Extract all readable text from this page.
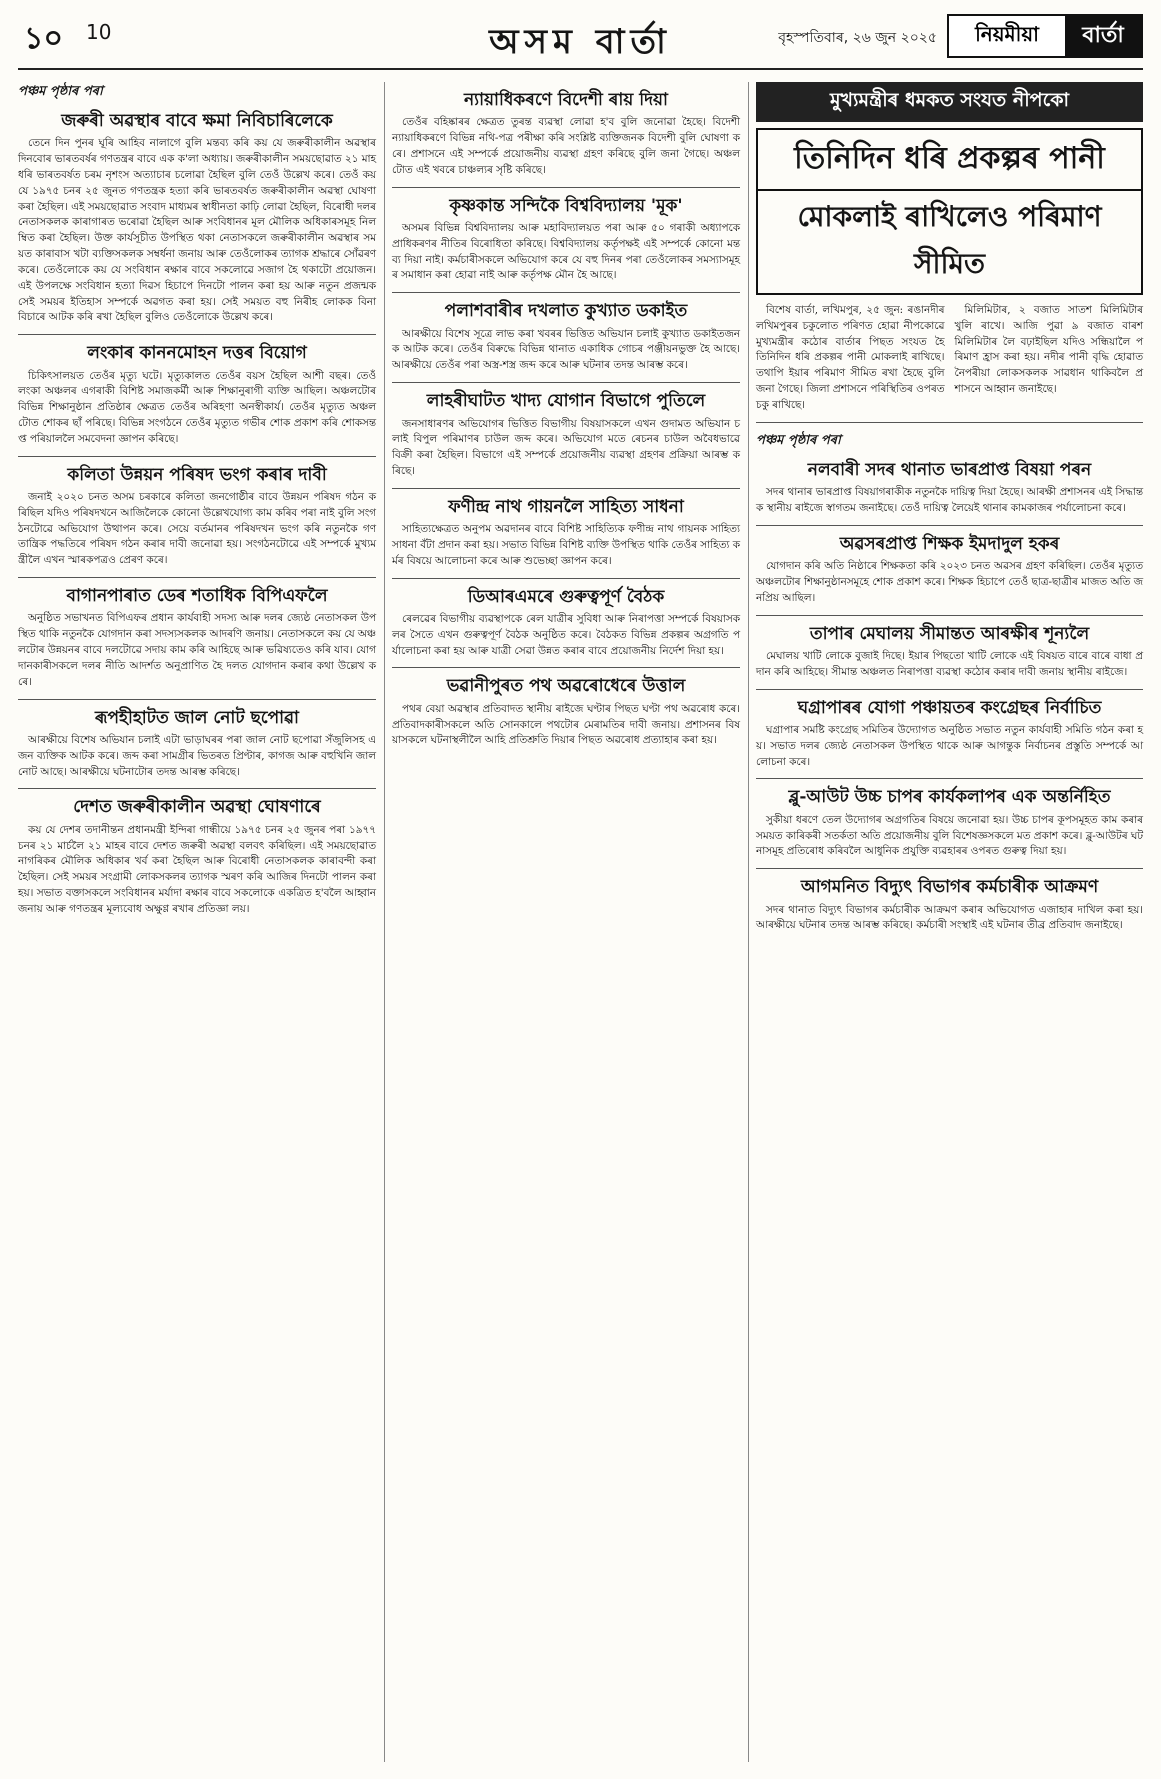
১০ 10	অসম বাৰ্তা	বৃহস্পতিবাৰ, ২৬ জুন ২০২৫	নিয়মীয়া	বাৰ্তা
পঞ্চম পৃষ্ঠাৰ পৰা
জৰুৰী অৱস্থাৰ বাবে ক্ষমা নিবিচাৰিলেকে

তেনে দিন পুনৰ ঘূৰি আহিব নালাগে বুলি মন্তব্য কৰি কয় যে জৰুৰীকালীন অৱস্থাৰ দিনবোৰ ভাৰতবৰ্ষৰ গণতন্ত্ৰৰ বাবে এক ক'লা অধ্যায়। জৰুৰীকালীন সময়ছোৱাত ২১ মাহ ধৰি ভাৰতবৰ্ষত চৰম নৃশংস অত্যাচাৰ চলোৱা হৈছিল বুলি তেওঁ উল্লেখ কৰে। তেওঁ কয় যে ১৯৭৫ চনৰ ২৫ জুনত গণতন্ত্ৰক হত্যা কৰি ভাৰতবৰ্ষত জৰুৰীকালীন অৱস্থা ঘোষণা কৰা হৈছিল। এই সময়ছোৱাত সংবাদ মাধ্যমৰ স্বাধীনতা কাঢ়ি লোৱা হৈছিল, বিৰোধী দলৰ নেতাসকলক কাৰাগাৰত ভৰোৱা হৈছিল আৰু সংবিধানৰ মূল মৌলিক অধিকাৰসমূহ নিলম্বিত কৰা হৈছিল। উক্ত কাৰ্যসূচীত উপস্থিত থকা নেতাসকলে জৰুৰীকালীন অৱস্থাৰ সময়ত কাৰাবাস খটা ব্যক্তিসকলক সম্বৰ্ধনা জনায় আৰু তেওঁলোকৰ ত্যাগক শ্ৰদ্ধাৰে সোঁৱৰণ কৰে। তেওঁলোকে কয় যে সংবিধান ৰক্ষাৰ বাবে সকলোৱে সজাগ হৈ থকাটো প্ৰয়োজন। এই উপলক্ষে সংবিধান হত্যা দিৱস হিচাপে দিনটো পালন কৰা হয় আৰু নতুন প্ৰজন্মক সেই সময়ৰ ইতিহাস সম্পৰ্কে অৱগত কৰা হয়। সেই সময়ত বহু নিৰীহ লোকক বিনা বিচাৰে আটক কৰি ৰখা হৈছিল বুলিও তেওঁলোকে উল্লেখ কৰে।

লংকাৰ কাননমোহন দত্তৰ বিয়োগ

চিকিৎসালয়ত তেওঁৰ মৃত্যু ঘটে। মৃত্যুকালত তেওঁৰ বয়স হৈছিল আশী বছৰ। তেওঁ লংকা অঞ্চলৰ এগৰাকী বিশিষ্ট সমাজকৰ্মী আৰু শিক্ষানুৰাগী ব্যক্তি আছিল। অঞ্চলটোৰ বিভিন্ন শিক্ষানুষ্ঠান প্ৰতিষ্ঠাৰ ক্ষেত্ৰত তেওঁৰ অৰিহণা অনস্বীকাৰ্য। তেওঁৰ মৃত্যুত অঞ্চলটোত শোকৰ ছাঁ পৰিছে। বিভিন্ন সংগঠনে তেওঁৰ মৃত্যুত গভীৰ শোক প্ৰকাশ কৰি শোকসন্তপ্ত পৰিয়াললৈ সমবেদনা জ্ঞাপন কৰিছে।

কলিতা উন্নয়ন পৰিষদ ভংগ কৰাৰ দাবী

জনাই ২০২০ চনত অসম চৰকাৰে কলিতা জনগোষ্ঠীৰ বাবে উন্নয়ন পৰিষদ গঠন কৰিছিল যদিও পৰিষদখনে আজিলৈকে কোনো উল্লেখযোগ্য কাম কৰিব পৰা নাই বুলি সংগঠনটোৱে অভিযোগ উত্থাপন কৰে। সেয়ে বৰ্তমানৰ পৰিষদখন ভংগ কৰি নতুনকৈ গণতান্ত্ৰিক পদ্ধতিৰে পৰিষদ গঠন কৰাৰ দাবী জনোৱা হয়। সংগঠনটোৱে এই সম্পৰ্কে মুখ্যমন্ত্ৰীলৈ এখন স্মাৰকপত্ৰও প্ৰেৰণ কৰে।

বাগানপাৰাত ডেৰ শতাধিক বিপিএফলৈ

অনুষ্ঠিত সভাখনত বিপিএফৰ প্ৰধান কাৰ্যবাহী সদস্য আৰু দলৰ জ্যেষ্ঠ নেতাসকল উপস্থিত থাকি নতুনকৈ যোগদান কৰা সদস্যসকলক আদৰণি জনায়। নেতাসকলে কয় যে অঞ্চলটোৰ উন্নয়নৰ বাবে দলটোৱে সদায় কাম কৰি আহিছে আৰু ভৱিষ্যতেও কৰি যাব। যোগদানকাৰীসকলে দলৰ নীতি আদৰ্শত অনুপ্ৰাণিত হৈ দলত যোগদান কৰাৰ কথা উল্লেখ কৰে।

ৰূপহীহাটত জাল নোট ছপোৱা

আৰক্ষীয়ে বিশেষ অভিযান চলাই এটা ভাড়াঘৰৰ পৰা জাল নোট ছপোৱা সঁজুলিসহ এজন ব্যক্তিক আটক কৰে। জব্দ কৰা সামগ্ৰীৰ ভিতৰত প্ৰিণ্টাৰ, কাগজ আৰু বহুখিনি জাল নোট আছে। আৰক্ষীয়ে ঘটনাটোৰ তদন্ত আৰম্ভ কৰিছে।

দেশত জৰুৰীকালীন অৱস্থা ঘোষণাৰে

কয় যে দেশৰ তদানীন্তন প্ৰধানমন্ত্ৰী ইন্দিৰা গান্ধীয়ে ১৯৭৫ চনৰ ২৫ জুনৰ পৰা ১৯৭৭ চনৰ ২১ মাৰ্চলৈ ২১ মাহৰ বাবে দেশত জৰুৰী অৱস্থা বলবৎ কৰিছিল। এই সময়ছোৱাত নাগৰিকৰ মৌলিক অধিকাৰ খৰ্ব কৰা হৈছিল আৰু বিৰোধী নেতাসকলক কাৰাবন্দী কৰা হৈছিল। সেই সময়ৰ সংগ্ৰামী লোকসকলৰ ত্যাগক স্মৰণ কৰি আজিৰ দিনটো পালন কৰা হয়। সভাত বক্তাসকলে সংবিধানৰ মৰ্যাদা ৰক্ষাৰ বাবে সকলোকে একত্ৰিত হ'বলৈ আহ্বান জনায় আৰু গণতন্ত্ৰৰ মূল্যবোধ অক্ষুণ্ণ ৰখাৰ প্ৰতিজ্ঞা লয়।

ন্যায়াধিকৰণে বিদেশী ৰায় দিয়া

তেওঁৰ বহিষ্কাৰৰ ক্ষেত্ৰত তুৰন্ত ব্যৱস্থা লোৱা হ'ব বুলি জনোৱা হৈছে। বিদেশী ন্যায়াধিকৰণে বিভিন্ন নথি-পত্ৰ পৰীক্ষা কৰি সংশ্লিষ্ট ব্যক্তিজনক বিদেশী বুলি ঘোষণা কৰে। প্ৰশাসনে এই সম্পৰ্কে প্ৰয়োজনীয় ব্যৱস্থা গ্ৰহণ কৰিছে বুলি জনা গৈছে। অঞ্চলটোত এই খবৰে চাঞ্চল্যৰ সৃষ্টি কৰিছে।

কৃষ্ণকান্ত সন্দিকৈ বিশ্ববিদ্যালয় 'মূক'

অসমৰ বিভিন্ন বিশ্ববিদ্যালয় আৰু মহাবিদ্যালয়ত পৰা আৰু ৫০ গৰাকী অধ্যাপকে প্ৰাধিকৰণৰ নীতিৰ বিৰোধিতা কৰিছে। বিশ্ববিদ্যালয় কৰ্তৃপক্ষই এই সম্পৰ্কে কোনো মন্তব্য দিয়া নাই। কৰ্মচাৰীসকলে অভিযোগ কৰে যে বহু দিনৰ পৰা তেওঁলোকৰ সমস্যাসমূহৰ সমাধান কৰা হোৱা নাই আৰু কৰ্তৃপক্ষ মৌন হৈ আছে।

পলাশবাৰীৰ দখলাত কুখ্যাত ডকাইত

আৰক্ষীয়ে বিশেষ সূত্ৰে লাভ কৰা খবৰৰ ভিত্তিত অভিযান চলাই কুখ্যাত ডকাইতজনক আটক কৰে। তেওঁৰ বিৰুদ্ধে বিভিন্ন থানাত একাধিক গোচৰ পঞ্জীয়নভুক্ত হৈ আছে। আৰক্ষীয়ে তেওঁৰ পৰা অস্ত্ৰ-শস্ত্ৰ জব্দ কৰে আৰু ঘটনাৰ তদন্ত আৰম্ভ কৰে।

লাহৰীঘাটত খাদ্য যোগান বিভাগে পুতিলে

জনসাধাৰণৰ অভিযোগৰ ভিত্তিত বিভাগীয় বিষয়াসকলে এখন গুদামত অভিযান চলাই বিপুল পৰিমাণৰ চাউল জব্দ কৰে। অভিযোগ মতে ৰেচনৰ চাউল অবৈধভাৱে বিক্ৰী কৰা হৈছিল। বিভাগে এই সম্পৰ্কে প্ৰয়োজনীয় ব্যৱস্থা গ্ৰহণৰ প্ৰক্ৰিয়া আৰম্ভ কৰিছে।

ফণীন্দ্ৰ নাথ গায়নলৈ সাহিত্য সাধনা

সাহিত্যক্ষেত্ৰত অনুপম অৱদানৰ বাবে বিশিষ্ট সাহিত্যিক ফণীন্দ্ৰ নাথ গায়নক সাহিত্য সাধনা বঁটা প্ৰদান কৰা হয়। সভাত বিভিন্ন বিশিষ্ট ব্যক্তি উপস্থিত থাকি তেওঁৰ সাহিত্য কৰ্মৰ বিষয়ে আলোচনা কৰে আৰু শুভেচ্ছা জ্ঞাপন কৰে।

ডিআৰএমৰে গুৰুত্বপূৰ্ণ বৈঠক

ৰেলৱেৰ বিভাগীয় ব্যৱস্থাপকে ৰেল যাত্ৰীৰ সুবিধা আৰু নিৰাপত্তা সম্পৰ্কে বিষয়াসকলৰ সৈতে এখন গুৰুত্বপূৰ্ণ বৈঠক অনুষ্ঠিত কৰে। বৈঠকত বিভিন্ন প্ৰকল্পৰ অগ্ৰগতি পৰ্যালোচনা কৰা হয় আৰু যাত্ৰী সেৱা উন্নত কৰাৰ বাবে প্ৰয়োজনীয় নিৰ্দেশ দিয়া হয়।

ভৱানীপুৰত পথ অৱৰোধেৰে উত্তাল

পথৰ বেয়া অৱস্থাৰ প্ৰতিবাদত স্থানীয় ৰাইজে ঘণ্টাৰ পিছত ঘণ্টা পথ অৱৰোধ কৰে। প্ৰতিবাদকাৰীসকলে অতি সোনকালে পথটোৰ মেৰামতিৰ দাবী জনায়। প্ৰশাসনৰ বিষয়াসকলে ঘটনাস্থলীলৈ আহি প্ৰতিশ্ৰুতি দিয়াৰ পিছত অৱৰোধ প্ৰত্যাহাৰ কৰা হয়।

মুখ্যমন্ত্ৰীৰ ধমকত সংযত নীপকো
তিনিদিন ধৰি প্ৰকল্পৰ পানী
মোকলাই ৰাখিলেও পৰিমাণ সীমিত

বিশেষ বাৰ্তা, লখিমপুৰ, ২৫ জুন: ৰঙানদীৰ লখিমপুৰৰ চকুলোত পৰিণত হোৱা নীপকোৱে মুখ্যমন্ত্ৰীৰ কঠোৰ বাৰ্তাৰ পিছত সংযত হৈ তিনিদিন ধৰি প্ৰকল্পৰ পানী মোকলাই ৰাখিছে। তথাপি ইয়াৰ পৰিমাণ সীমিত ৰখা হৈছে বুলি জনা গৈছে। জিলা প্ৰশাসনে পৰিস্থিতিৰ ওপৰত চকু ৰাখিছে।

মিলিমিটাৰ, ২ বজাত সাতশ মিলিমিটাৰ খুলি ৰাখে। আজি পুৱা ৯ বজাত বাৰশ মিলিমিটাৰ লৈ বঢ়াইছিল যদিও সন্ধিয়ালৈ পৰিমাণ হ্ৰাস কৰা হয়। নদীৰ পানী বৃদ্ধি হোৱাত নৈপৰীয়া লোকসকলক সাৱধান থাকিবলৈ প্ৰশাসনে আহ্বান জনাইছে।

পঞ্চম পৃষ্ঠাৰ পৰা
নলবাৰী সদৰ থানাত ভাৰপ্ৰাপ্ত বিষয়া পৰন

সদৰ থানাৰ ভাৰপ্ৰাপ্ত বিষয়াগৰাকীক নতুনকৈ দায়িত্ব দিয়া হৈছে। আৰক্ষী প্ৰশাসনৰ এই সিদ্ধান্তক স্থানীয় ৰাইজে স্বাগতম জনাইছে। তেওঁ দায়িত্ব লৈয়েই থানাৰ কামকাজৰ পৰ্যালোচনা কৰে।

অৱসৰপ্ৰাপ্ত শিক্ষক ইমদাদুল হকৰ

যোগদান কৰি অতি নিষ্ঠাৰে শিক্ষকতা কৰি ২০২৩ চনত অৱসৰ গ্ৰহণ কৰিছিল। তেওঁৰ মৃত্যুত অঞ্চলটোৰ শিক্ষানুষ্ঠানসমূহে শোক প্ৰকাশ কৰে। শিক্ষক হিচাপে তেওঁ ছাত্ৰ-ছাত্ৰীৰ মাজত অতি জনপ্ৰিয় আছিল।

তাপাৰ মেঘালয় সীমান্তত আৰক্ষীৰ শূন্যলৈ

মেঘালয় খাটি লোকে বুজাই দিছে। ইয়াৰ পিছতো খাটি লোকে এই বিষয়ত বাৰে বাৰে বাধা প্ৰদান কৰি আহিছে। সীমান্ত অঞ্চলত নিৰাপত্তা ব্যৱস্থা কঠোৰ কৰাৰ দাবী জনায় স্থানীয় ৰাইজে।

ঘগ্ৰাপাৰৰ যোগা পঞ্চায়তৰ কংগ্ৰেছৰ নিৰ্বাচিত

ঘগ্ৰাপাৰ সমষ্টি কংগ্ৰেছ সমিতিৰ উদ্যোগত অনুষ্ঠিত সভাত নতুন কাৰ্যবাহী সমিতি গঠন কৰা হয়। সভাত দলৰ জ্যেষ্ঠ নেতাসকল উপস্থিত থাকে আৰু আগন্তুক নিৰ্বাচনৰ প্ৰস্তুতি সম্পৰ্কে আলোচনা কৰে।

ব্লু-আউট উচ্চ চাপৰ কাৰ্যকলাপৰ এক অন্তৰ্নিহিত

সুকীয়া ধৰণে তেল উদ্যোগৰ অগ্ৰগতিৰ বিষয়ে জনোৱা হয়। উচ্চ চাপৰ কূপসমূহত কাম কৰাৰ সময়ত কাৰিকৰী সতৰ্কতা অতি প্ৰয়োজনীয় বুলি বিশেষজ্ঞসকলে মত প্ৰকাশ কৰে। ব্লু-আউটৰ ঘটনাসমূহ প্ৰতিৰোধ কৰিবলৈ আধুনিক প্ৰযুক্তি ব্যৱহাৰৰ ওপৰত গুৰুত্ব দিয়া হয়।

আগমনিত বিদ্যুৎ বিভাগৰ কৰ্মচাৰীক আক্ৰমণ

সদৰ থানাত বিদ্যুৎ বিভাগৰ কৰ্মচাৰীক আক্ৰমণ কৰাৰ অভিযোগত এজাহাৰ দাখিল কৰা হয়। আৰক্ষীয়ে ঘটনাৰ তদন্ত আৰম্ভ কৰিছে। কৰ্মচাৰী সংস্থাই এই ঘটনাৰ তীব্ৰ প্ৰতিবাদ জনাইছে।
